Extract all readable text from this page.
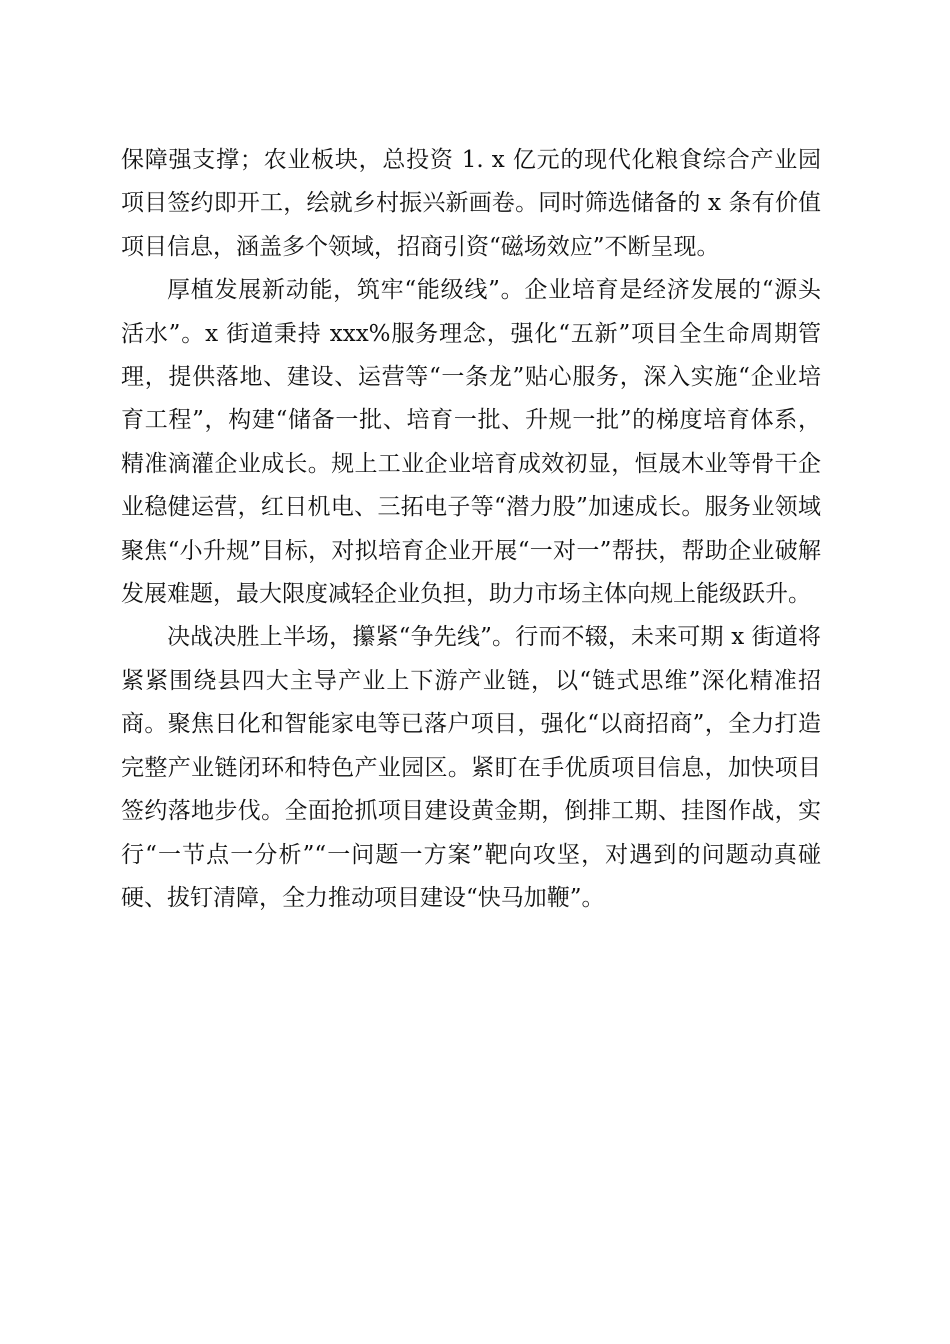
保障强支撑；农业板块，总投资 1. x 亿元的现代化粮食综合产业园项目签约即开工，绘就乡村振兴新画卷。同时筛选储备的 x 条有价值项目信息，涵盖多个领域，招商引资“磁场效应”不断呈现。

厚植发展新动能，筑牢“能级线”。企业培育是经济发展的“源头活水”。x 街道秉持 xxx%服务理念，强化“五新”项目全生命周期管理，提供落地、建设、运营等“一条龙”贴心服务，深入实施“企业培育工程”，构建“储备一批、培育一批、升规一批”的梯度培育体系，精准滴灌企业成长。规上工业企业培育成效初显，恒晟木业等骨干企业稳健运营，红日机电、三拓电子等“潜力股”加速成长。服务业领域聚焦“小升规”目标，对拟培育企业开展“一对一”帮扶，帮助企业破解发展难题，最大限度减轻企业负担，助力市场主体向规上能级跃升。

决战决胜上半场，攥紧“争先线”。行而不辍，未来可期 x 街道将紧紧围绕县四大主导产业上下游产业链，以“链式思维”深化精准招商。聚焦日化和智能家电等已落户项目，强化“以商招商”，全力打造完整产业链闭环和特色产业园区。紧盯在手优质项目信息，加快项目签约落地步伐。全面抢抓项目建设黄金期，倒排工期、挂图作战，实行“一节点一分析”“一问题一方案”靶向攻坚，对遇到的问题动真碰硬、拔钉清障，全力推动项目建设“快马加鞭”。
